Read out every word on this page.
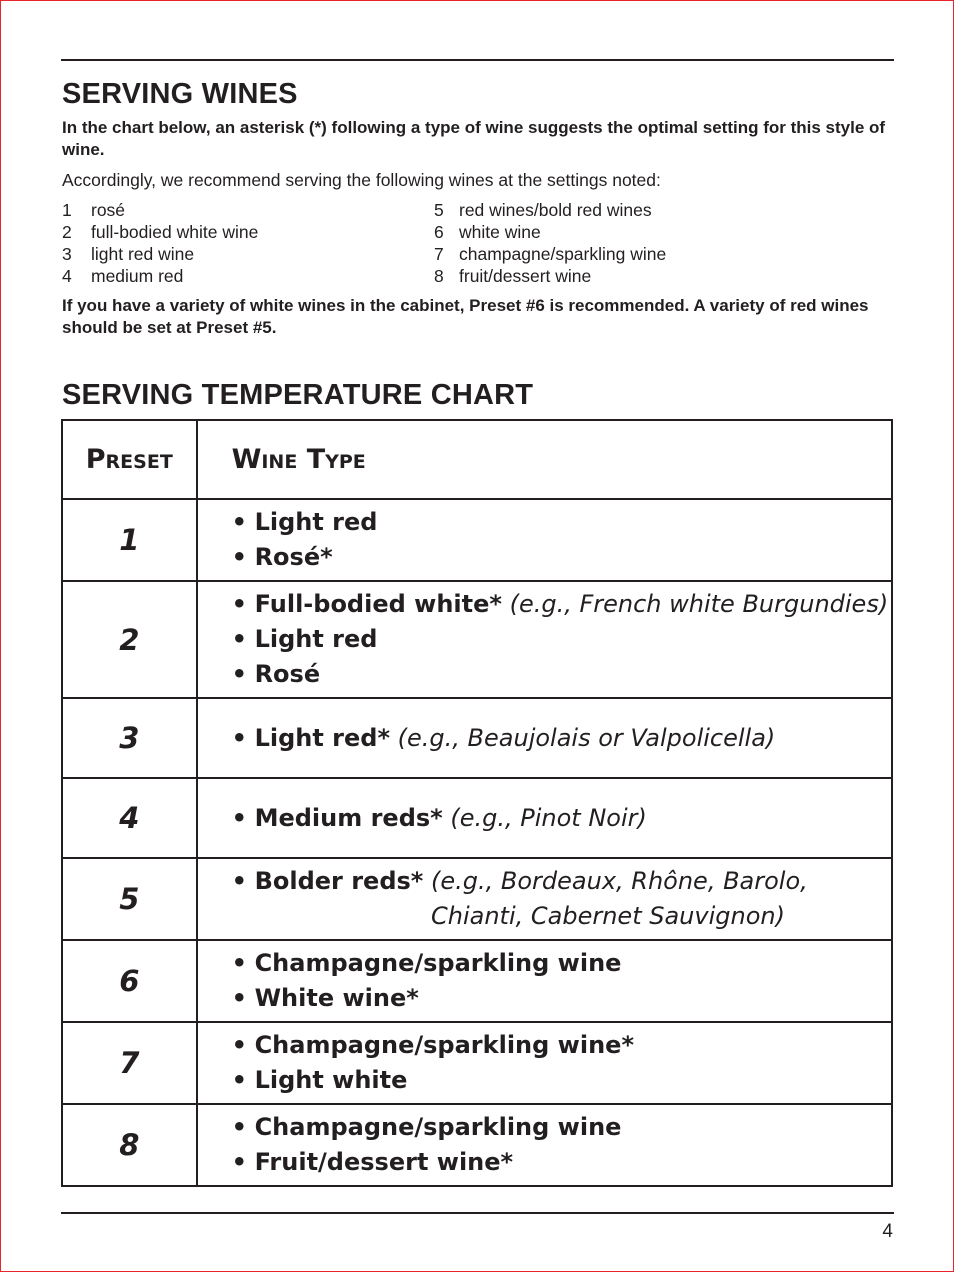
SERVING WINES
In the chart below, an asterisk (*) following a type of wine suggests the optimal setting for this style of wine.
Accordingly, we recommend serving the following wines at the settings noted:
1 rosé
2 full-bodied white wine
3 light red wine
4 medium red
5 red wines/bold red wines
6 white wine
7 champagne/sparkling wine
8 fruit/dessert wine
If you have a variety of white wines in the cabinet, Preset #6 is recommended. A variety of red wines should be set at Preset #5.
SERVING TEMPERATURE CHART
Preset	Wine Type
1	• Light red
• Rosé*

2	• Full-bodied white* (e.g., French white Burgundies)
• Light red
• Rosé

3	• Light red* (e.g., Beaujolais or Valpolicella)

4	• Medium reds* (e.g., Pinot Noir)

5	• Bolder reds* (e.g., Bordeaux, Rhône, Barolo, Chianti, Cabernet Sauvignon)

6	• Champagne/sparkling wine
• White wine*

7	• Champagne/sparkling wine*
• Light white

8	• Champagne/sparkling wine
• Fruit/dessert wine*
4
